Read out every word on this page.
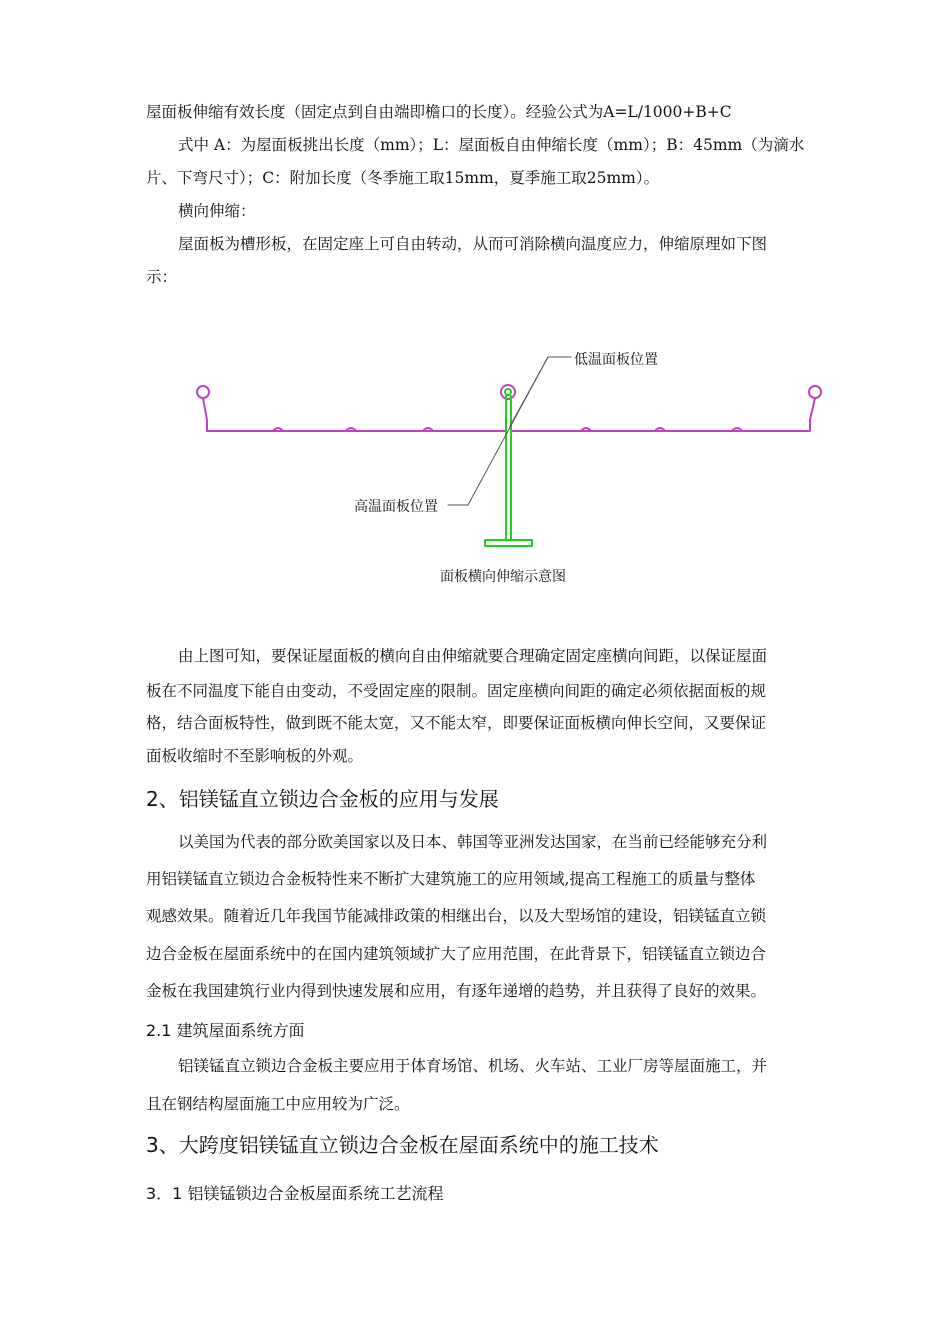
屋面板伸缩有效长度（固定点到自由端即檐口的长度）。经验公式为A=L/1000+B+C
式中 A：为屋面板挑出长度（mm）；L：屋面板自由伸缩长度（mm）；B：45mm（为滴水
片、下弯尺寸）；C：附加长度（冬季施工取15mm，夏季施工取25mm）。
横向伸缩：
屋面板为槽形板，在固定座上可自由转动，从而可消除横向温度应力，伸缩原理如下图
示：
低温面板位置
高温面板位置
面板横向伸缩示意图
由上图可知，要保证屋面板的横向自由伸缩就要合理确定固定座横向间距，以保证屋面
板在不同温度下能自由变动，不受固定座的限制。固定座横向间距的确定必须依据面板的规
格，结合面板特性，做到既不能太宽，又不能太窄，即要保证面板横向伸长空间，又要保证
面板收缩时不至影响板的外观。
2、铝镁锰直立锁边合金板的应用与发展
以美国为代表的部分欧美国家以及日本、韩国等亚洲发达国家，在当前已经能够充分利
用铝镁锰直立锁边合金板特性来不断扩大建筑施工的应用领域,提高工程施工的质量与整体
观感效果。随着近几年我国节能减排政策的相继出台，以及大型场馆的建设，铝镁锰直立锁
边合金板在屋面系统中的在国内建筑领域扩大了应用范围，在此背景下，铝镁锰直立锁边合
金板在我国建筑行业内得到快速发展和应用，有逐年递增的趋势，并且获得了良好的效果。
2.1 建筑屋面系统方面
铝镁锰直立锁边合金板主要应用于体育场馆、机场、火车站、工业厂房等屋面施工，并
且在钢结构屋面施工中应用较为广泛。
3、大跨度铝镁锰直立锁边合金板在屋面系统中的施工技术
3．1 铝镁锰锁边合金板屋面系统工艺流程
